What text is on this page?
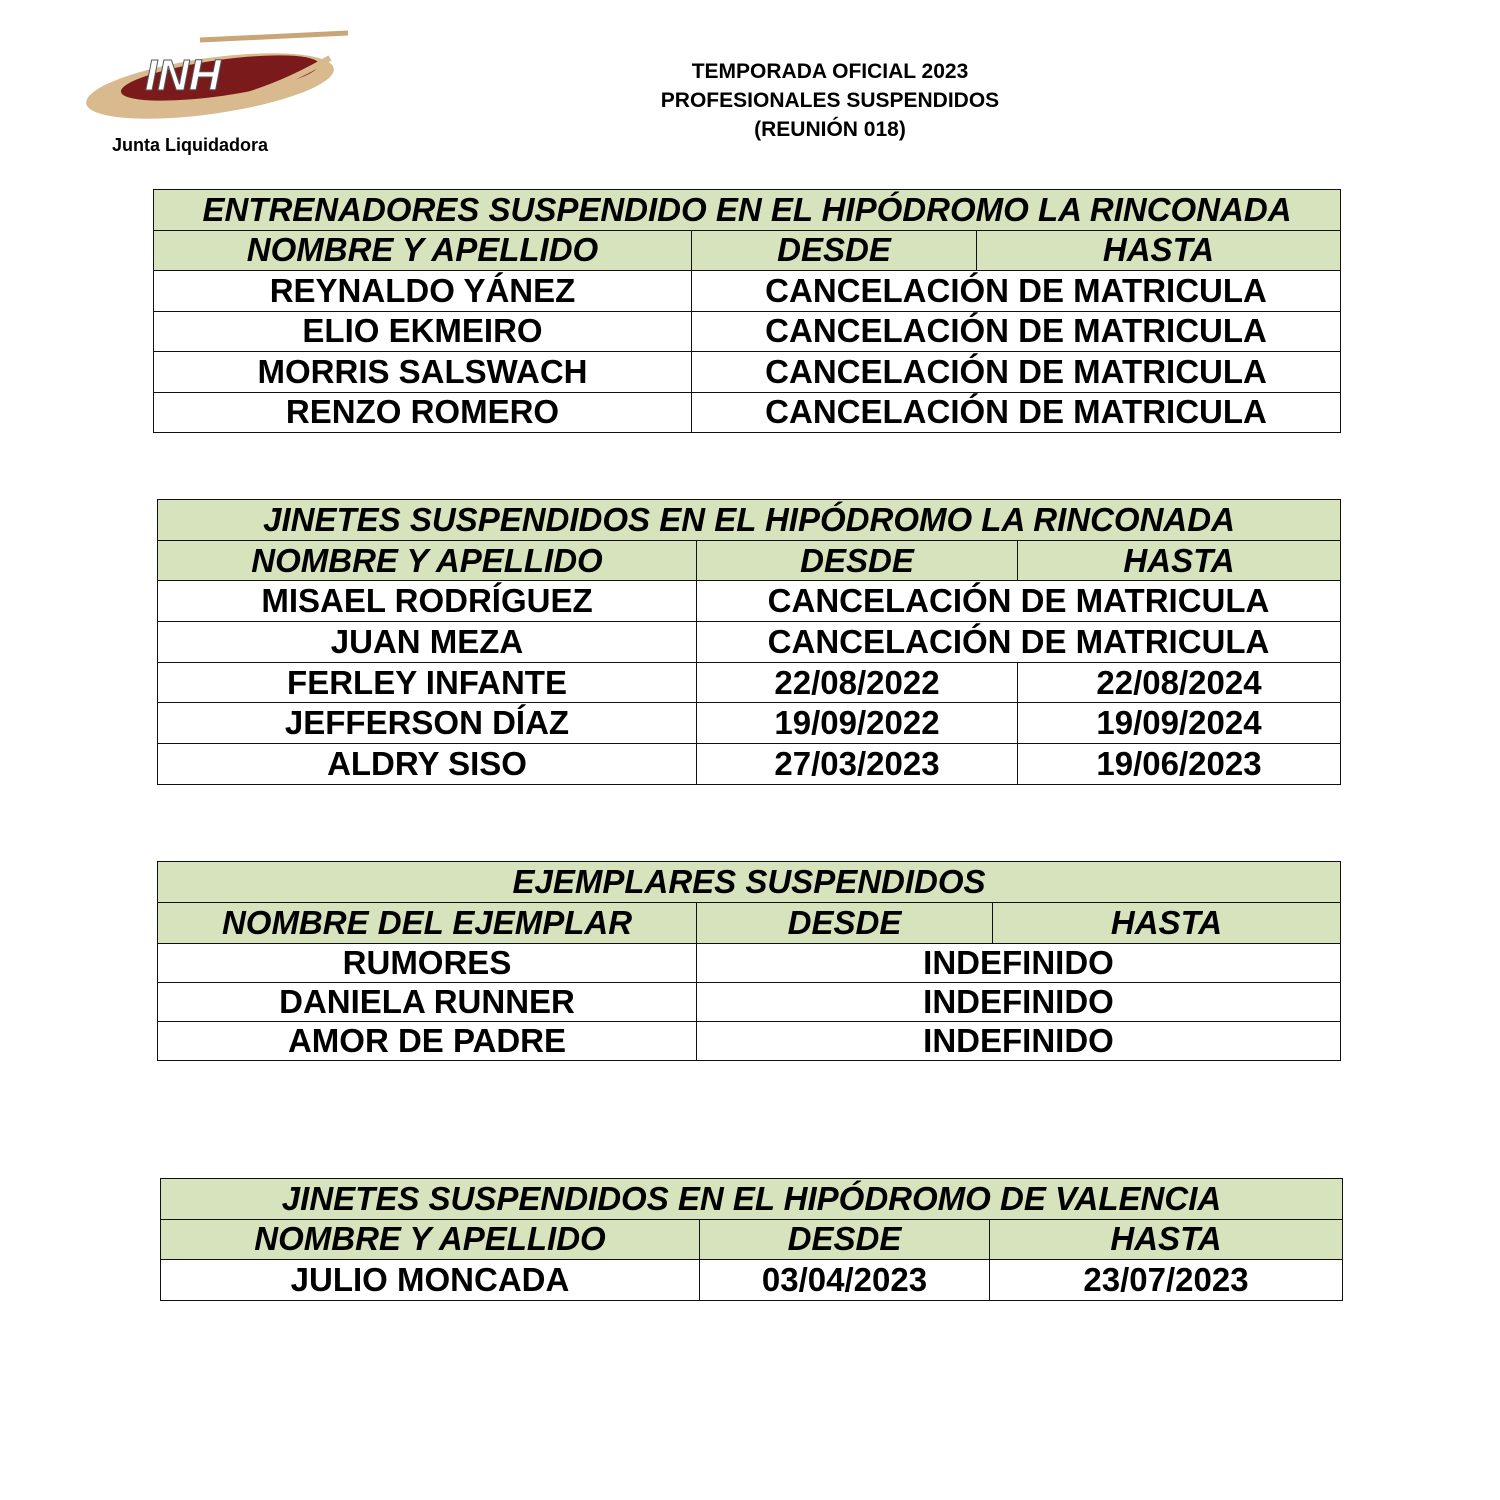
INH
Junta Liquidadora
TEMPORADA OFICIAL 2023
PROFESIONALES SUSPENDIDOS
(REUNIÓN 018)
ENTRENADORES SUSPENDIDO EN EL HIPÓDROMO LA RINCONADA		
NOMBRE Y APELLIDO	DESDE	HASTA
REYNALDO YÁNEZ	CANCELACIÓN DE MATRICULA	
ELIO EKMEIRO	CANCELACIÓN DE MATRICULA	
MORRIS SALSWACH	CANCELACIÓN DE MATRICULA	
RENZO ROMERO	CANCELACIÓN DE MATRICULA	
JINETES SUSPENDIDOS EN EL HIPÓDROMO LA RINCONADA		
NOMBRE Y APELLIDO	DESDE	HASTA
MISAEL RODRÍGUEZ	CANCELACIÓN DE MATRICULA	
JUAN MEZA	CANCELACIÓN DE MATRICULA	
FERLEY INFANTE	22/08/2022	22/08/2024
JEFFERSON DÍAZ	19/09/2022	19/09/2024
ALDRY SISO	27/03/2023	19/06/2023
EJEMPLARES SUSPENDIDOS		
NOMBRE DEL EJEMPLAR	DESDE	HASTA
RUMORES	INDEFINIDO	
DANIELA RUNNER	INDEFINIDO	
AMOR DE PADRE	INDEFINIDO	
JINETES SUSPENDIDOS EN EL HIPÓDROMO DE VALENCIA		
NOMBRE Y APELLIDO	DESDE	HASTA
JULIO MONCADA	03/04/2023	23/07/2023
